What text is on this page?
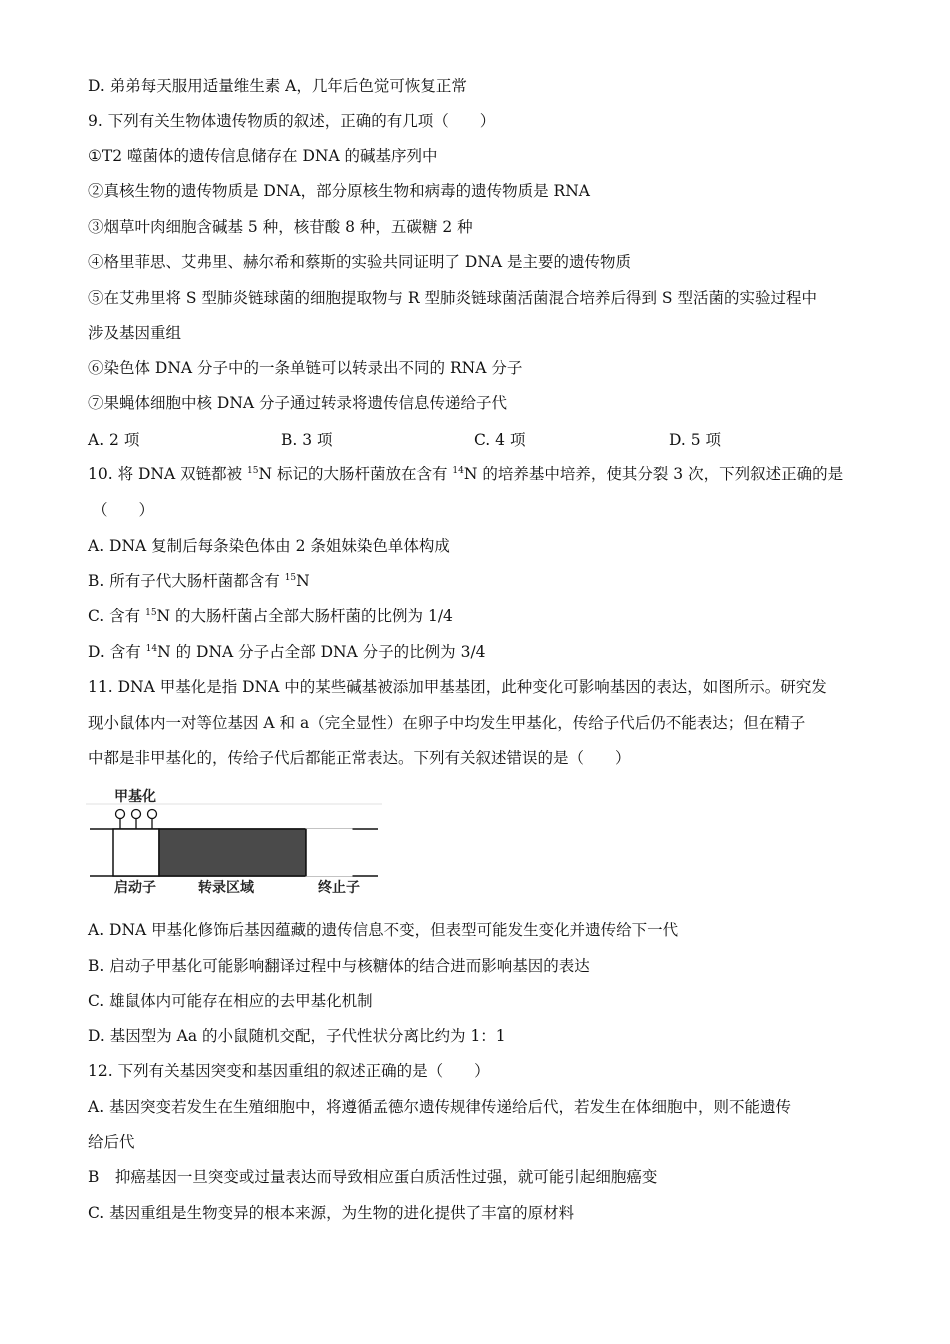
D. 弟弟每天服用适量维生素 A，几年后色觉可恢复正常
9. 下列有关生物体遗传物质的叙述，正确的有几项（　　）
①T2 噬菌体的遗传信息储存在 DNA 的碱基序列中
②真核生物的遗传物质是 DNA，部分原核生物和病毒的遗传物质是 RNA
③烟草叶肉细胞含碱基 5 种，核苷酸 8 种，五碳糖 2 种
④格里菲思、艾弗里、赫尔希和蔡斯的实验共同证明了 DNA 是主要的遗传物质
⑤在艾弗里将 S 型肺炎链球菌的细胞提取物与 R 型肺炎链球菌活菌混合培养后得到 S 型活菌的实验过程中
涉及基因重组
⑥染色体 DNA 分子中的一条单链可以转录出不同的 RNA 分子
⑦果蝇体细胞中核 DNA 分子通过转录将遗传信息传递给子代
A. 2 项	B. 3 项	C. 4 项	D. 5 项
10. 将 DNA 双链都被 $^{15}$N 标记的大肠杆菌放在含有 $^{14}$N 的培养基中培养，使其分裂 3 次，下列叙述正确的是
（　　）
A. DNA 复制后每条染色体由 2 条姐妹染色单体构成
B. 所有子代大肠杆菌都含有 $^{15}$N
C. 含有 $^{15}$N 的大肠杆菌占全部大肠杆菌的比例为 1/4
D. 含有 $^{14}$N 的 DNA 分子占全部 DNA 分子的比例为 3/4
11. DNA 甲基化是指 DNA 中的某些碱基被添加甲基基团，此种变化可影响基因的表达，如图所示。研究发
现小鼠体内一对等位基因 A 和 a（完全显性）在卵子中均发生甲基化，传给子代后仍不能表达；但在精子
中都是非甲基化的，传给子代后都能正常表达。下列有关叙述错误的是（　　）
甲基化
启动子	转录区域	终止子
A. DNA 甲基化修饰后基因蕴藏的遗传信息不变，但表型可能发生变化并遗传给下一代
B. 启动子甲基化可能影响翻译过程中与核糖体的结合进而影响基因的表达
C. 雄鼠体内可能存在相应的去甲基化机制
D. 基因型为 Aa 的小鼠随机交配，子代性状分离比约为 1：1
12. 下列有关基因突变和基因重组的叙述正确的是（　　）
A. 基因突变若发生在生殖细胞中，将遵循孟德尔遗传规律传递给后代，若发生在体细胞中，则不能遗传
给后代
B　抑癌基因一旦突变或过量表达而导致相应蛋白质活性过强，就可能引起细胞癌变
C. 基因重组是生物变异的根本来源，为生物的进化提供了丰富的原材料
